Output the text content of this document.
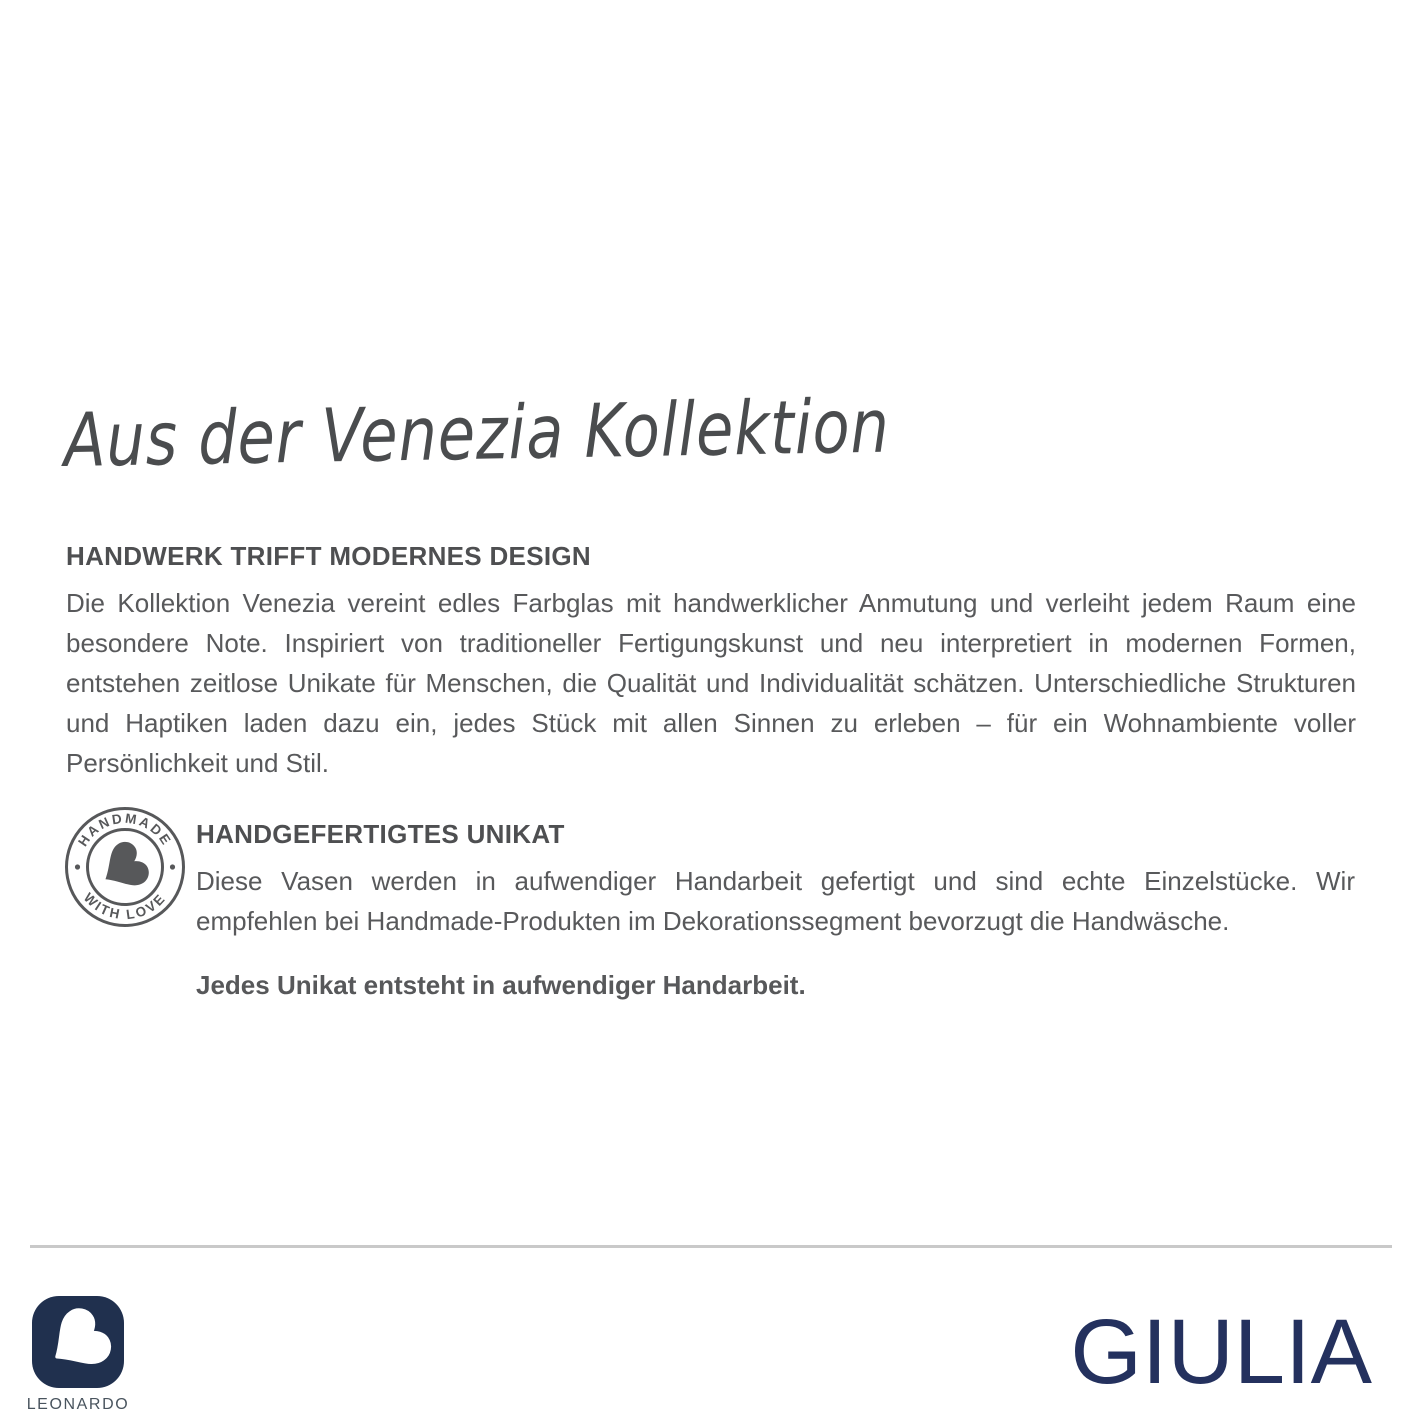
Aus der Venezia Kollektion
HANDWERK TRIFFT MODERNES DESIGN

Die Kollektion Venezia vereint edles Farbglas mit handwerklicher Anmutung und verleiht jedem Raum eine besondere Note. Inspiriert von traditioneller Fertigungskunst und neu interpretiert in modernen Formen, entstehen zeitlose Unikate für Menschen, die Qualität und Individualität schätzen. Unterschiedliche Strukturen und Haptiken laden dazu ein, jedes Stück mit allen Sinnen zu erleben – für ein Wohnambiente voller Persönlichkeit und Stil.

HANDMADE
WITH LOVE
HANDGEFERTIGTES UNIKAT

Diese Vasen werden in aufwendiger Handarbeit gefertigt und sind echte Einzelstücke. Wir empfehlen bei Handmade-Produkten im Dekorationssegment bevorzugt die Handwäsche.

Jedes Unikat entsteht in aufwendiger Handarbeit.

LEONARDO
GIULIA
